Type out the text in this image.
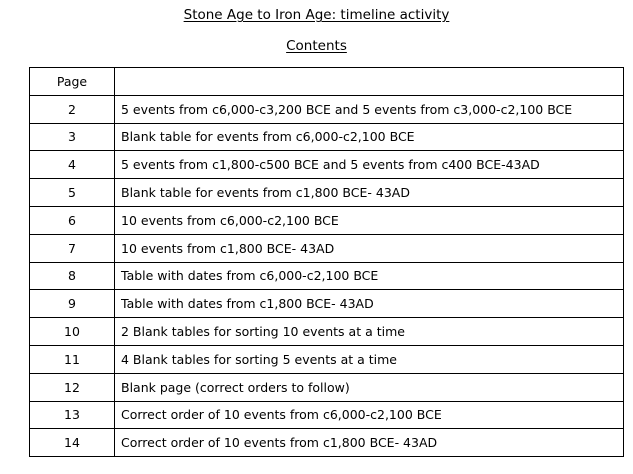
Stone Age to Iron Age: timeline activity
Contents
Page	
2	5 events from c6,000-c3,200 BCE and 5 events from c3,000-c2,100 BCE
3	Blank table for events from c6,000-c2,100 BCE
4	5 events from c1,800-c500 BCE and 5 events from c400 BCE-43AD
5	Blank table for events from c1,800 BCE- 43AD
6	10 events from c6,000-c2,100 BCE
7	10 events from c1,800 BCE- 43AD
8	Table with dates from c6,000-c2,100 BCE
9	Table with dates from c1,800 BCE- 43AD
10	2 Blank tables for sorting 10 events at a time
11	4 Blank tables for sorting 5 events at a time
12	Blank page (correct orders to follow)
13	Correct order of 10 events from c6,000-c2,100 BCE
14	Correct order of 10 events from c1,800 BCE- 43AD
